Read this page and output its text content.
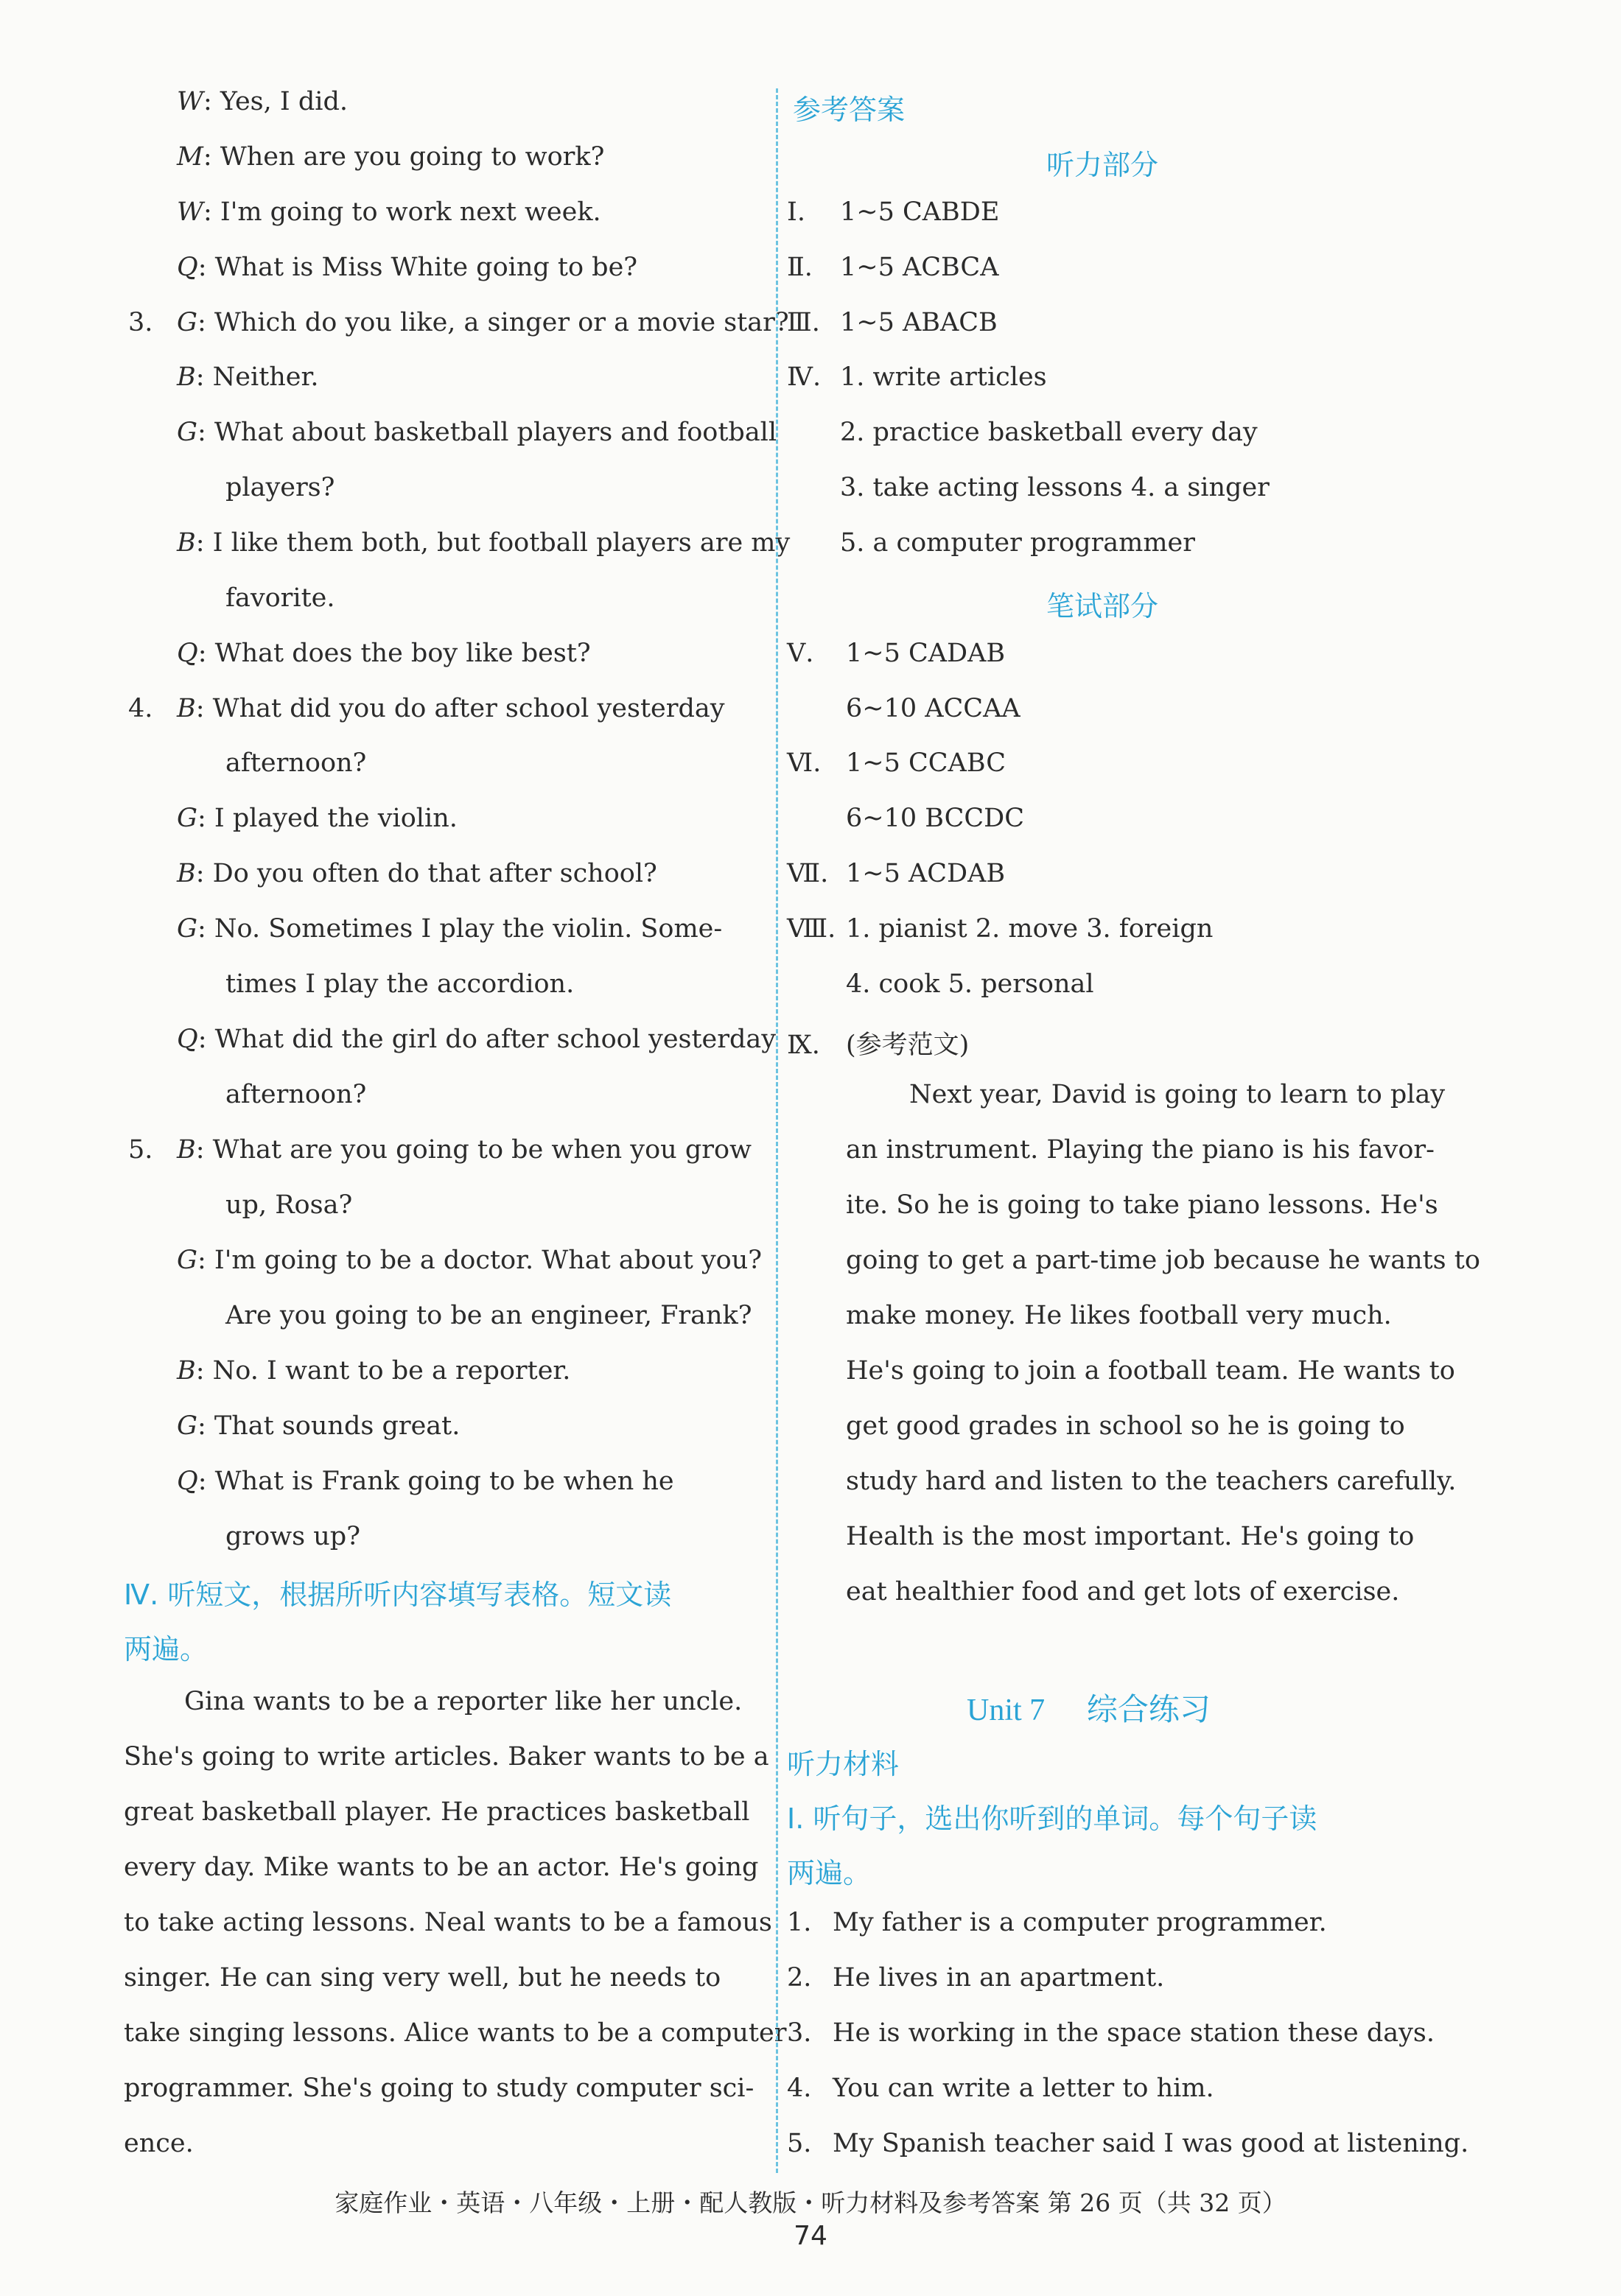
W: Yes, I did.
M: When are you going to work?
W: I'm going to work next week.
Q: What is Miss White going to be?
3. G: Which do you like, a singer or a movie star?
B: Neither.
G: What about basketball players and football
players?
B: I like them both, but football players are my
favorite.
Q: What does the boy like best?
4. B: What did you do after school yesterday
afternoon?
G: I played the violin.
B: Do you often do that after school?
G: No. Sometimes I play the violin. Some-
times I play the accordion.
Q: What did the girl do after school yesterday
afternoon?
5. B: What are you going to be when you grow
up, Rosa?
G: I'm going to be a doctor. What about you?
Are you going to be an engineer, Frank?
B: No. I want to be a reporter.
G: That sounds great.
Q: What is Frank going to be when he
grows up?
Ⅳ. 听短文，根据所听内容填写表格。短文读
两遍。
Gina wants to be a reporter like her uncle.
She's going to write articles. Baker wants to be a
great basketball player. He practices basketball
every day. Mike wants to be an actor. He's going
to take acting lessons. Neal wants to be a famous
singer. He can sing very well, but he needs to
take singing lessons. Alice wants to be a computer
programmer. She's going to study computer sci-
ence.
参考答案
听力部分
Ⅰ. 1~5 CABDE
Ⅱ. 1~5 ACBCA
Ⅲ. 1~5 ABACB
Ⅳ. 1. write articles
2. practice basketball every day
3. take acting lessons 4. a singer
5. a computer programmer
笔试部分
Ⅴ. 1~5 CADAB
6~10 ACCAA
Ⅵ. 1~5 CCABC
6~10 BCCDC
Ⅶ. 1~5 ACDAB
Ⅷ. 1. pianist 2. move 3. foreign
4. cook 5. personal
Ⅸ. (参考范文)
Next year, David is going to learn to play
an instrument. Playing the piano is his favor-
ite. So he is going to take piano lessons. He's
going to get a part-time job because he wants to
make money. He likes football very much.
He's going to join a football team. He wants to
get good grades in school so he is going to
study hard and listen to the teachers carefully.
Health is the most important. He's going to
eat healthier food and get lots of exercise.
Unit 7 综合练习
听力材料
Ⅰ. 听句子，选出你听到的单词。每个句子读
两遍。
1. My father is a computer programmer.
2. He lives in an apartment.
3. He is working in the space station these days.
4. You can write a letter to him.
5. My Spanish teacher said I was good at listening.
家庭作业・英语・八年级・上册・配人教版・听力材料及参考答案 第 26 页（共 32 页）
74
